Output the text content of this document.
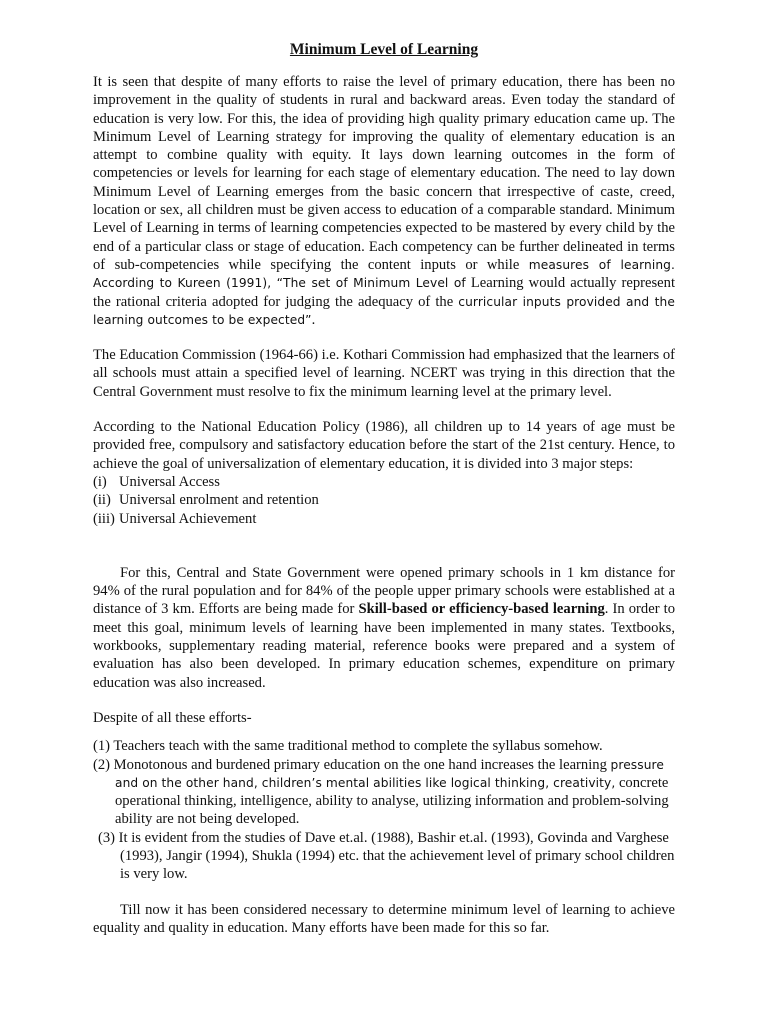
Minimum Level of Learning

It is seen that despite of many efforts to raise the level of primary education, there has been no improvement in the quality of students in rural and backward areas. Even today the standard of education is very low. For this, the idea of providing high quality primary education came up. The Minimum Level of Learning strategy for improving the quality of elementary education is an attempt to combine quality with equity. It lays down learning outcomes in the form of competencies or levels for learning for each stage of elementary education. The need to lay down Minimum Level of Learning emerges from the basic concern that irrespective of caste, creed, location or sex, all children must be given access to education of a comparable standard. Minimum Level of Learning in terms of learning competencies expected to be mastered by every child by the end of a particular class or stage of education. Each competency can be further delineated in terms of sub-competencies while specifying the content inputs or while measures of learning. According to Kureen (1991), “The set of Minimum Level of Learning would actually represent the rational criteria adopted for judging the adequacy of the curricular inputs provided and the learning outcomes to be expected”.

The Education Commission (1964-66) i.e. Kothari Commission had emphasized that the learners of all schools must attain a specified level of learning. NCERT was trying in this direction that the Central Government must resolve to fix the minimum learning level at the primary level.

According to the National Education Policy (1986), all children up to 14 years of age must be provided free, compulsory and satisfactory education before the start of the 21st century. Hence, to achieve the goal of universalization of elementary education, it is divided into 3 major steps:

(i) Universal Access
(ii) Universal enrolment and retention
(iii) Universal Achievement

For this, Central and State Government were opened primary schools in 1 km distance for 94% of the rural population and for 84% of the people upper primary schools were established at a distance of 3 km. Efforts are being made for Skill-based or efficiency-based learning. In order to meet this goal, minimum levels of learning have been implemented in many states. Textbooks, workbooks, supplementary reading material, reference books were prepared and a system of evaluation has also been developed. In primary education schemes, expenditure on primary education was also increased.

Despite of all these efforts-

(1) Teachers teach with the same traditional method to complete the syllabus somehow.
(2) Monotonous and burdened primary education on the one hand increases the learning pressure and on the other hand, children’s mental abilities like logical thinking, creativity, concrete operational thinking, intelligence, ability to analyse, utilizing information and problem-solving ability are not being developed.
(3) It is evident from the studies of Dave et.al. (1988), Bashir et.al. (1993), Govinda and Varghese (1993), Jangir (1994), Shukla (1994) etc. that the achievement level of primary school children is very low.

Till now it has been considered necessary to determine minimum level of learning to achieve equality and quality in education. Many efforts have been made for this so far.
